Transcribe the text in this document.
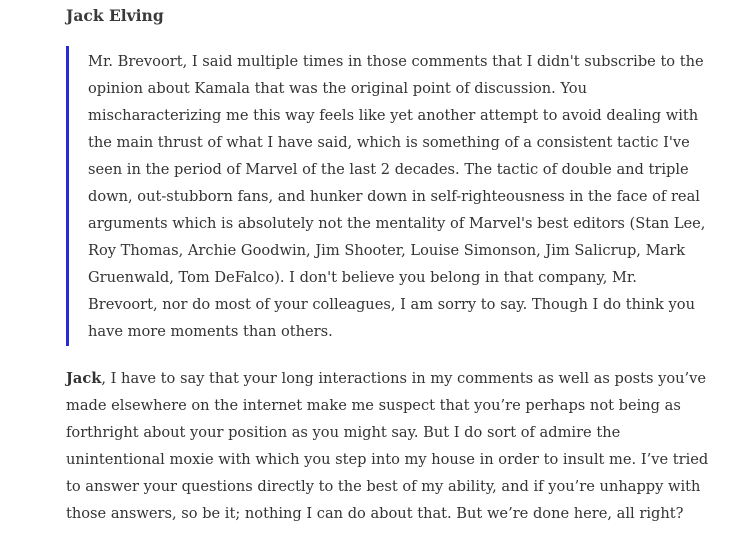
Jack Elving
Mr. Brevoort, I said multiple times in those comments that I didn't subscribe to the
opinion about Kamala that was the original point of discussion. You
mischaracterizing me this way feels like yet another attempt to avoid dealing with
the main thrust of what I have said, which is something of a consistent tactic I've
seen in the period of Marvel of the last 2 decades. The tactic of double and triple
down, out-stubborn fans, and hunker down in self-righteousness in the face of real
arguments which is absolutely not the mentality of Marvel's best editors (Stan Lee,
Roy Thomas, Archie Goodwin, Jim Shooter, Louise Simonson, Jim Salicrup, Mark
Gruenwald, Tom DeFalco). I don't believe you belong in that company, Mr.
Brevoort, nor do most of your colleagues, I am sorry to say. Though I do think you
have more moments than others.
Jack, I have to say that your long interactions in my comments as well as posts you’ve
made elsewhere on the internet make me suspect that you’re perhaps not being as
forthright about your position as you might say. But I do sort of admire the
unintentional moxie with which you step into my house in order to insult me. I’ve tried
to answer your questions directly to the best of my ability, and if you’re unhappy with
those answers, so be it; nothing I can do about that. But we’re done here, all right?
